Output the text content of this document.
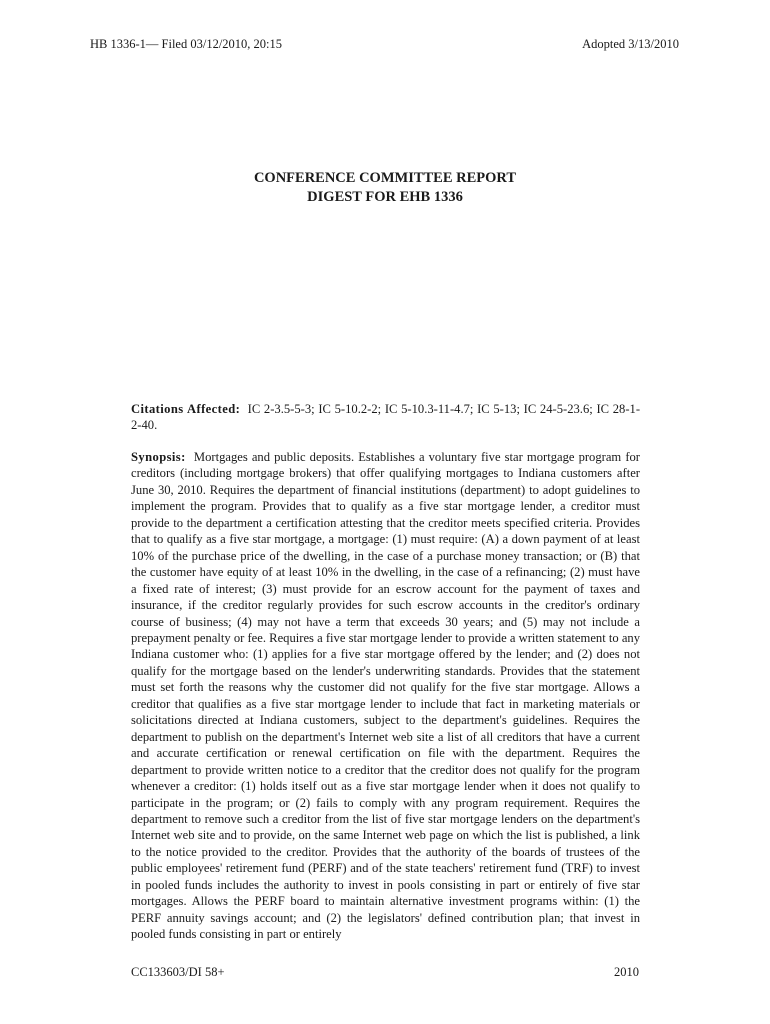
HB 1336-1— Filed 03/12/2010, 20:15	Adopted 3/13/2010
CONFERENCE COMMITTEE REPORT
DIGEST FOR EHB 1336
Citations Affected: IC 2-3.5-5-3; IC 5-10.2-2; IC 5-10.3-11-4.7; IC 5-13; IC 24-5-23.6; IC 28-1-2-40.
Synopsis: Mortgages and public deposits. Establishes a voluntary five star mortgage program for creditors (including mortgage brokers) that offer qualifying mortgages to Indiana customers after June 30, 2010. Requires the department of financial institutions (department) to adopt guidelines to implement the program. Provides that to qualify as a five star mortgage lender, a creditor must provide to the department a certification attesting that the creditor meets specified criteria. Provides that to qualify as a five star mortgage, a mortgage: (1) must require: (A) a down payment of at least 10% of the purchase price of the dwelling, in the case of a purchase money transaction; or (B) that the customer have equity of at least 10% in the dwelling, in the case of a refinancing; (2) must have a fixed rate of interest; (3) must provide for an escrow account for the payment of taxes and insurance, if the creditor regularly provides for such escrow accounts in the creditor's ordinary course of business; (4) may not have a term that exceeds 30 years; and (5) may not include a prepayment penalty or fee. Requires a five star mortgage lender to provide a written statement to any Indiana customer who: (1) applies for a five star mortgage offered by the lender; and (2) does not qualify for the mortgage based on the lender's underwriting standards. Provides that the statement must set forth the reasons why the customer did not qualify for the five star mortgage. Allows a creditor that qualifies as a five star mortgage lender to include that fact in marketing materials or solicitations directed at Indiana customers, subject to the department's guidelines. Requires the department to publish on the department's Internet web site a list of all creditors that have a current and accurate certification or renewal certification on file with the department. Requires the department to provide written notice to a creditor that the creditor does not qualify for the program whenever a creditor: (1) holds itself out as a five star mortgage lender when it does not qualify to participate in the program; or (2) fails to comply with any program requirement. Requires the department to remove such a creditor from the list of five star mortgage lenders on the department's Internet web site and to provide, on the same Internet web page on which the list is published, a link to the notice provided to the creditor. Provides that the authority of the boards of trustees of the public employees' retirement fund (PERF) and of the state teachers' retirement fund (TRF) to invest in pooled funds includes the authority to invest in pools consisting in part or entirely of five star mortgages. Allows the PERF board to maintain alternative investment programs within: (1) the PERF annuity savings account; and (2) the legislators' defined contribution plan; that invest in pooled funds consisting in part or entirely
CC133603/DI 58+	2010
